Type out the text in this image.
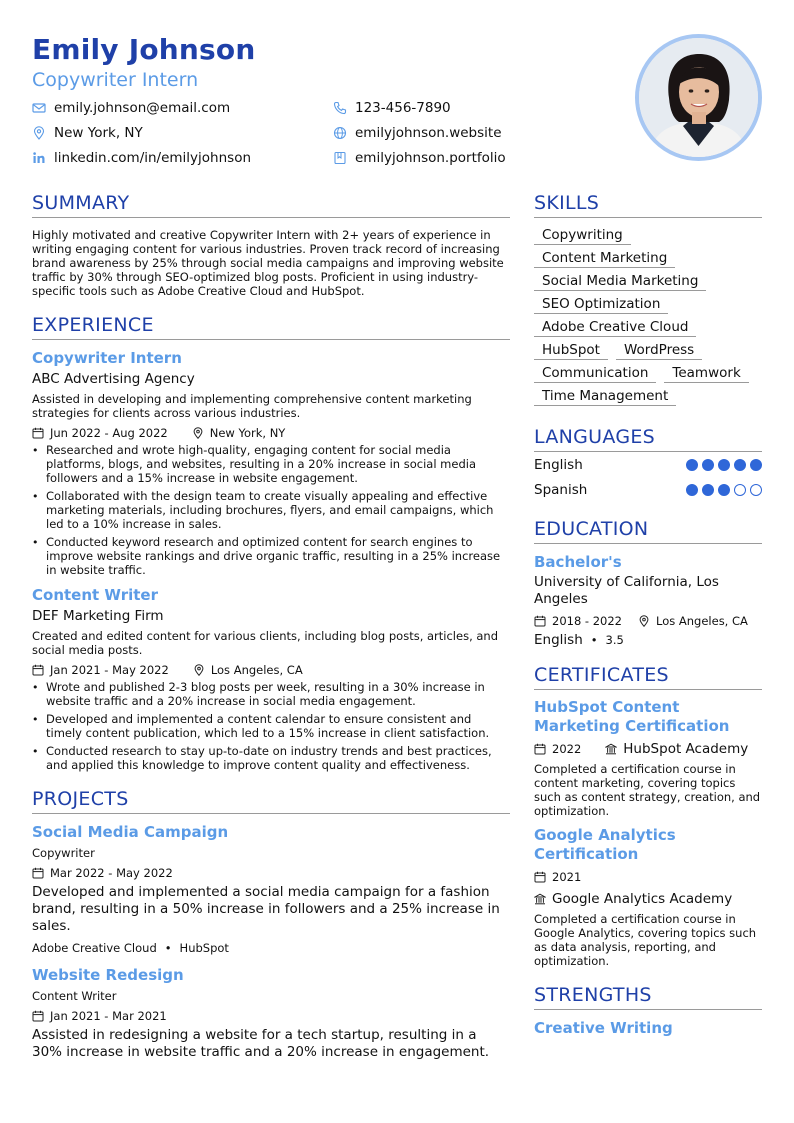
Emily Johnson
Copywriter Intern
emily.johnson@email.com	123-456-7890
New York, NY	emilyjohnson.website
linkedin.com/in/emilyjohnson	emilyjohnson.portfolio
SUMMARY
Highly motivated and creative Copywriter Intern with 2+ years of experience in writing engaging content for various industries. Proven track record of increasing brand awareness by 25% through social media campaigns and improving website traffic by 30% through SEO-optimized blog posts. Proficient in using industry-specific tools such as Adobe Creative Cloud and HubSpot.
EXPERIENCE
Copywriter Intern
ABC Advertising Agency
Assisted in developing and implementing comprehensive content marketing strategies for clients across various industries.
Jun 2022 - Aug 2022	New York, NY
• Researched and wrote high-quality, engaging content for social media platforms, blogs, and websites, resulting in a 20% increase in social media followers and a 15% increase in website engagement.
• Collaborated with the design team to create visually appealing and effective marketing materials, including brochures, flyers, and email campaigns, which led to a 10% increase in sales.
• Conducted keyword research and optimized content for search engines to improve website rankings and drive organic traffic, resulting in a 25% increase in website traffic.
Content Writer
DEF Marketing Firm
Created and edited content for various clients, including blog posts, articles, and social media posts.
Jan 2021 - May 2022	Los Angeles, CA
• Wrote and published 2-3 blog posts per week, resulting in a 30% increase in website traffic and a 20% increase in social media engagement.
• Developed and implemented a content calendar to ensure consistent and timely content publication, which led to a 15% increase in client satisfaction.
• Conducted research to stay up-to-date on industry trends and best practices, and applied this knowledge to improve content quality and effectiveness.
PROJECTS
Social Media Campaign
Copywriter
Mar 2022 - May 2022
Developed and implemented a social media campaign for a fashion brand, resulting in a 50% increase in followers and a 25% increase in sales.
Adobe Creative Cloud • HubSpot
Website Redesign
Content Writer
Jan 2021 - Mar 2021
Assisted in redesigning a website for a tech startup, resulting in a 30% increase in website traffic and a 20% increase in engagement.
SKILLS
Copywriting
Content Marketing
Social Media Marketing
SEO Optimization
Adobe Creative Cloud
HubSpot	WordPress
Communication	Teamwork
Time Management
LANGUAGES
English
Spanish
EDUCATION
Bachelor's
University of California, Los Angeles
2018 - 2022	Los Angeles, CA
English • 3.5
CERTIFICATES
HubSpot Content Marketing Certification
2022	HubSpot Academy
Completed a certification course in content marketing, covering topics such as content strategy, creation, and optimization.
Google Analytics Certification
2021
Google Analytics Academy
Completed a certification course in Google Analytics, covering topics such as data analysis, reporting, and optimization.
STRENGTHS
Creative Writing
